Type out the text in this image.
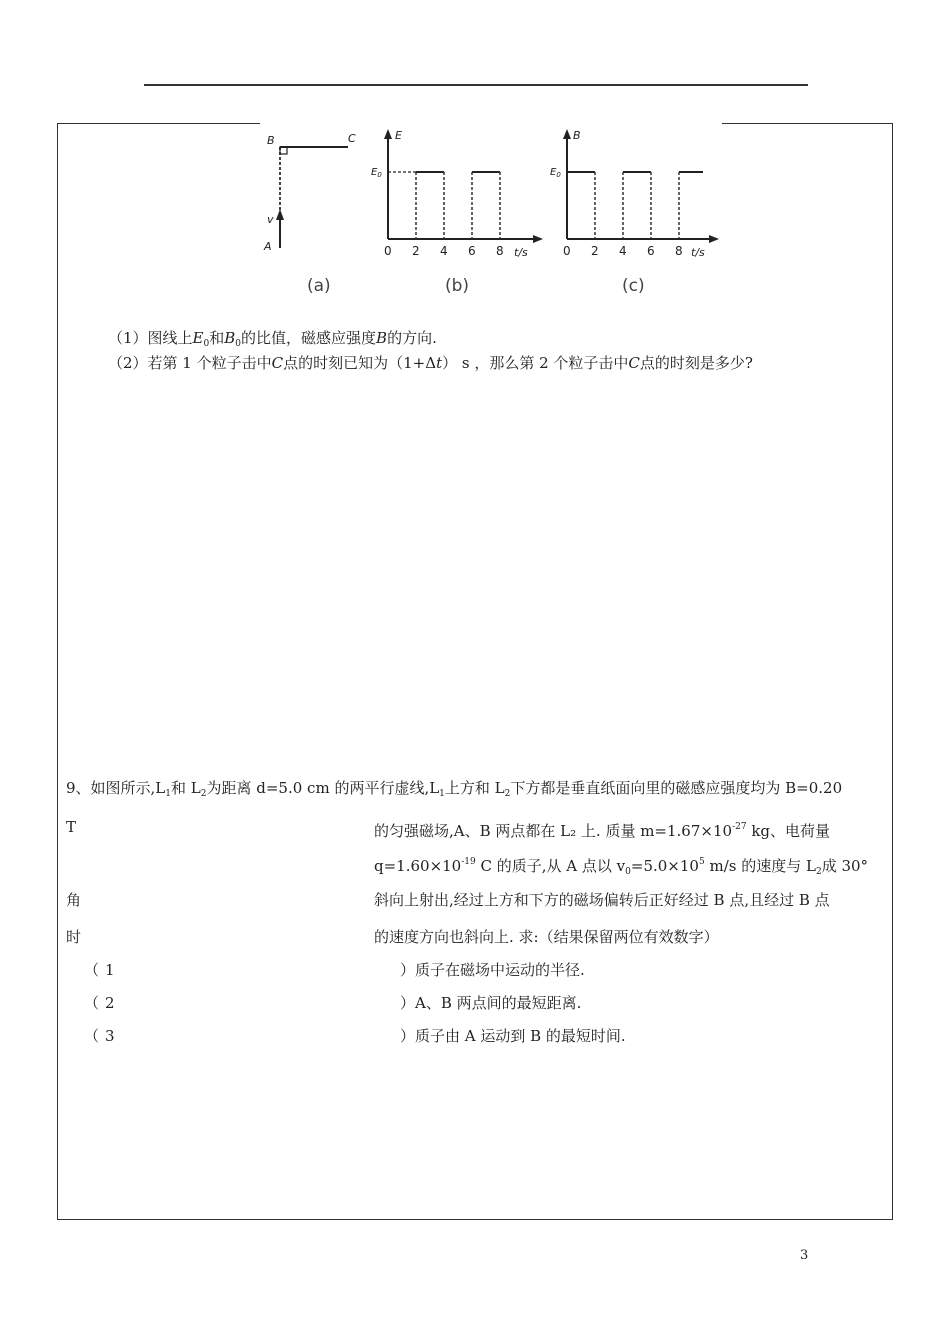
B	C
v
A
(a)
E
$E_0$
0 2 4 6 8 t/s
(b)
B
$E_0$
0 2 4 6 8 t/s
(c)
（1）图线上$E_0$和$B_0$的比值，磁感应强度B的方向.
（2）若第 1 个粒子击中C点的时刻已知为（1+Δt） s ，那么第 2 个粒子击中C点的时刻是多少?
9、如图所示$,L_1$和 $L_2$为距离 d=5.0 cm 的两平行虚线$,L_1$上方和 $L_2$下方都是垂直纸面向里的磁感应强度均为 B=0.20
T	的匀强磁场,A、B 两点都在 L₂ 上. 质量 $m=1.67\times 10^{-27}$ kg、电荷量
$q=1.60\times 10^{-19}$ C 的质子,从 A 点以 $v_0=5.0\times 10^5$ m/s 的速度与 $L_2$成 30°
角	斜向上射出,经过上方和下方的磁场偏转后正好经过 B 点,且经过 B 点
时	的速度方向也斜向上. 求:（结果保留两位有效数字）
（ 1	）质子在磁场中运动的半径.
（ 2	）A、B 两点间的最短距离.
（ 3	）质子由 A 运动到 B 的最短时间.
3
